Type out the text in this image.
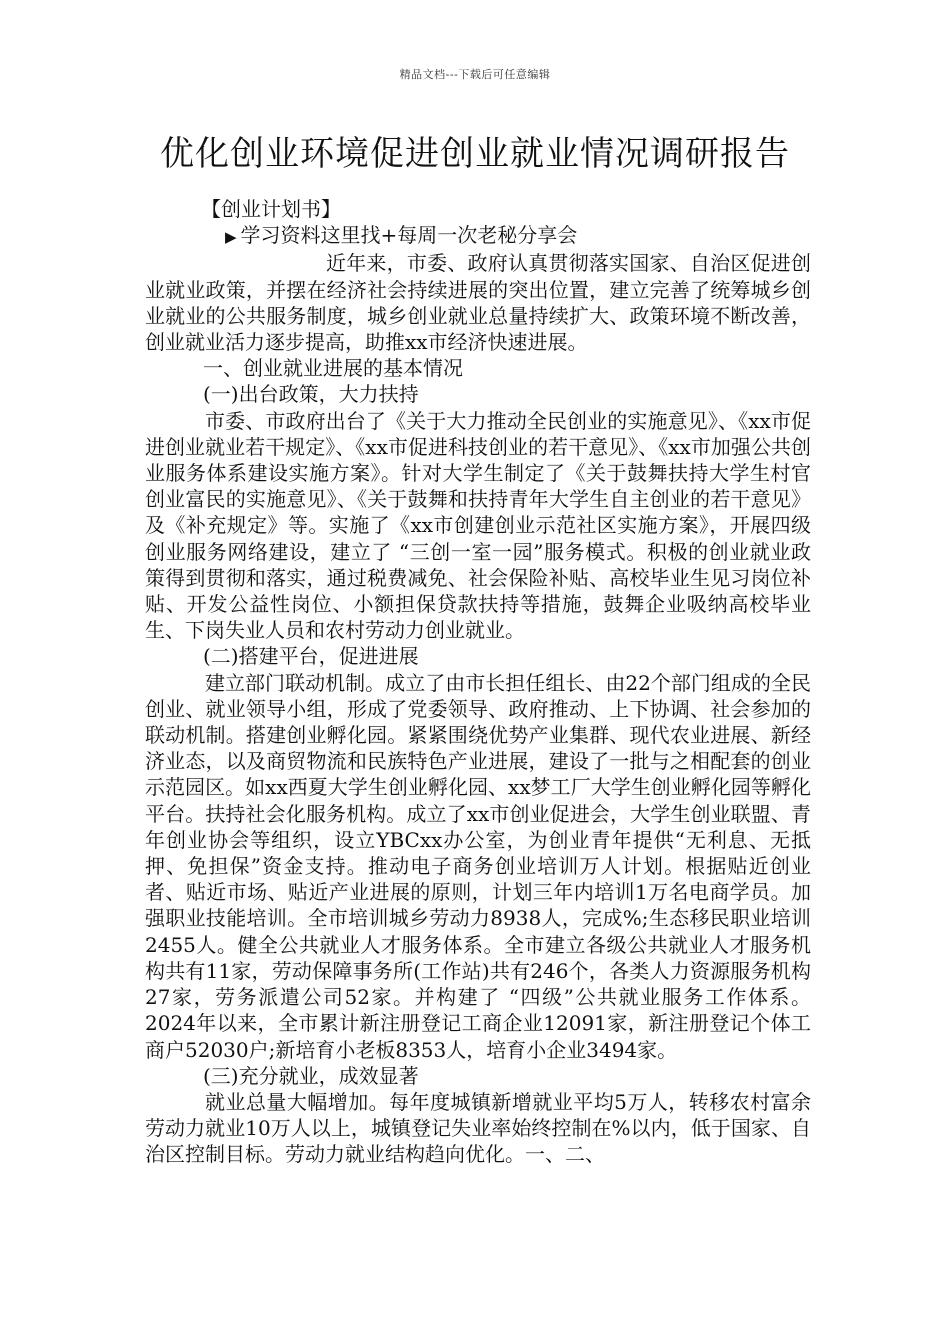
精品文档---下载后可任意编辑
优化创业环境促进创业就业情况调研报告

【创业计划书】

▶ 学习资料这里找+每周一次老秘分享会

近年来，市委、政府认真贯彻落实国家、自治区促进创业就业政策，并摆在经济社会持续进展的突出位置，建立完善了统筹城乡创业就业的公共服务制度，城乡创业就业总量持续扩大、政策环境不断改善，创业就业活力逐步提高，助推xx市经济快速进展。

一、创业就业进展的基本情况

(一)出台政策，大力扶持

市委、市政府出台了《关于大力推动全民创业的实施意见》、《xx市促进创业就业若干规定》、《xx市促进科技创业的若干意见》、《xx市加强公共创业服务体系建设实施方案》。针对大学生制定了《关于鼓舞扶持大学生村官创业富民的实施意见》、《关于鼓舞和扶持青年大学生自主创业的若干意见》及《补充规定》等。实施了《xx市创建创业示范社区实施方案》，开展四级创业服务网络建设，建立了 “三创一室一园”服务模式。积极的创业就业政策得到贯彻和落实，通过税费减免、社会保险补贴、高校毕业生见习岗位补贴、开发公益性岗位、小额担保贷款扶持等措施，鼓舞企业吸纳高校毕业生、下岗失业人员和农村劳动力创业就业。

(二)搭建平台，促进进展

建立部门联动机制。成立了由市长担任组长、由22个部门组成的全民创业、就业领导小组，形成了党委领导、政府推动、上下协调、社会参加的联动机制。搭建创业孵化园。紧紧围绕优势产业集群、现代农业进展、新经济业态，以及商贸物流和民族特色产业进展，建设了一批与之相配套的创业示范园区。如xx西夏大学生创业孵化园、xx梦工厂大学生创业孵化园等孵化平台。扶持社会化服务机构。成立了xx市创业促进会，大学生创业联盟、青年创业协会等组织，设立YBCxx办公室，为创业青年提供“无利息、无抵押、免担保”资金支持。推动电子商务创业培训万人计划。根据贴近创业者、贴近市场、贴近产业进展的原则，计划三年内培训1万名电商学员。加强职业技能培训。全市培训城乡劳动力8938人，完成%;生态移民职业培训2455人。健全公共就业人才服务体系。全市建立各级公共就业人才服务机构共有11家，劳动保障事务所(工作站)共有246个，各类人力资源服务机构27家，劳务派遣公司52家。并构建了 “四级”公共就业服务工作体系。2024年以来，全市累计新注册登记工商企业12091家，新注册登记个体工商户52030户;新培育小老板8353人，培育小企业3494家。

(三)充分就业，成效显著

就业总量大幅增加。每年度城镇新增就业平均5万人，转移农村富余劳动力就业10万人以上，城镇登记失业率始终控制在%以内，低于国家、自治区控制目标。劳动力就业结构趋向优化。一、二、
